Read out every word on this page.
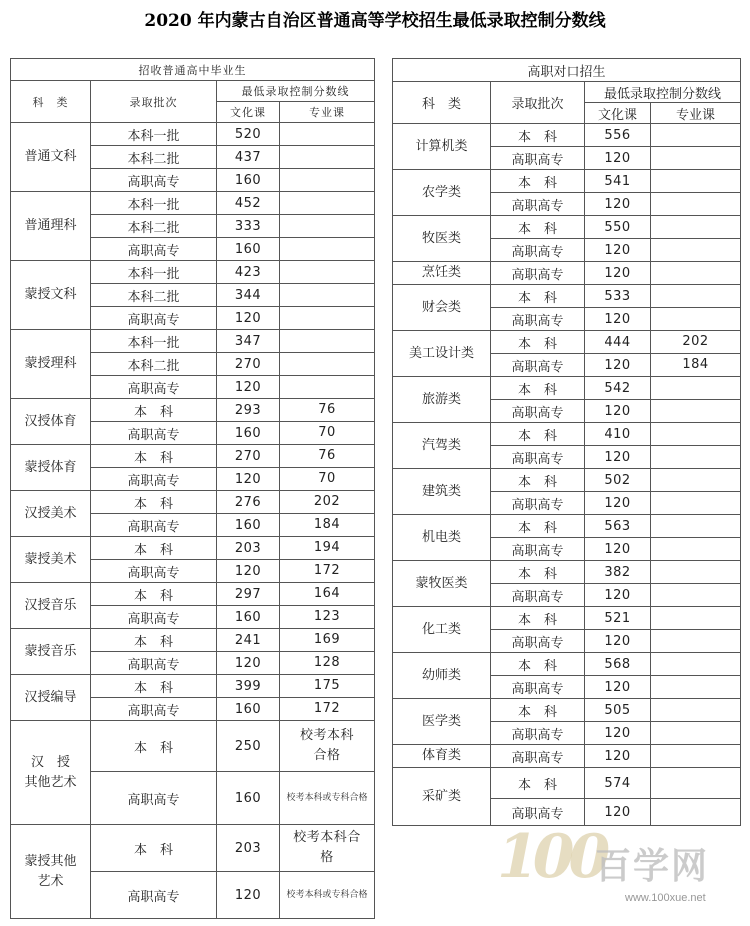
2020 年内蒙古自治区普通高等学校招生最低录取控制分数线
招收普通高中毕业生			
科　类	录取批次	最低录取控制分数线	
		文化课	专业课
普通文科	本科一批	520	
	本科二批	437	
	高职高专	160	
普通理科	本科一批	452	
	本科二批	333	
	高职高专	160	
蒙授文科	本科一批	423	
	本科二批	344	
	高职高专	120	
蒙授理科	本科一批	347	
	本科二批	270	
	高职高专	120	
汉授体育	本　科	293	76
	高职高专	160	70
蒙授体育	本　科	270	76
	高职高专	120	70
汉授美术	本　科	276	202
	高职高专	160	184
蒙授美术	本　科	203	194
	高职高专	120	172
汉授音乐	本　科	297	164
	高职高专	160	123
蒙授音乐	本　科	241	169
	高职高专	120	128
汉授编导	本　科	399	175
	高职高专	160	172
汉　授
其他艺术	本　科	250	校考本科
合格
	高职高专	160	校考本科或专科合格
蒙授其他
艺术	本　科	203	校考本科合
格
	高职高专	120	校考本科或专科合格
高职对口招生			
科　类	录取批次	最低录取控制分数线	
		文化课	专业课
计算机类	本　科	556	
	高职高专	120	
农学类	本　科	541	
	高职高专	120	
牧医类	本　科	550	
	高职高专	120	
烹饪类	高职高专	120	
财会类	本　科	533	
	高职高专	120	
美工设计类	本　科	444	202
	高职高专	120	184
旅游类	本　科	542	
	高职高专	120	
汽驾类	本　科	410	
	高职高专	120	
建筑类	本　科	502	
	高职高专	120	
机电类	本　科	563	
	高职高专	120	
蒙牧医类	本　科	382	
	高职高专	120	
化工类	本　科	521	
	高职高专	120	
幼师类	本　科	568	
	高职高专	120	
医学类	本　科	505	
	高职高专	120	
体育类	高职高专	120	
采矿类	本　科	574	
	高职高专	120	
100
百学网
www.100xue.net
